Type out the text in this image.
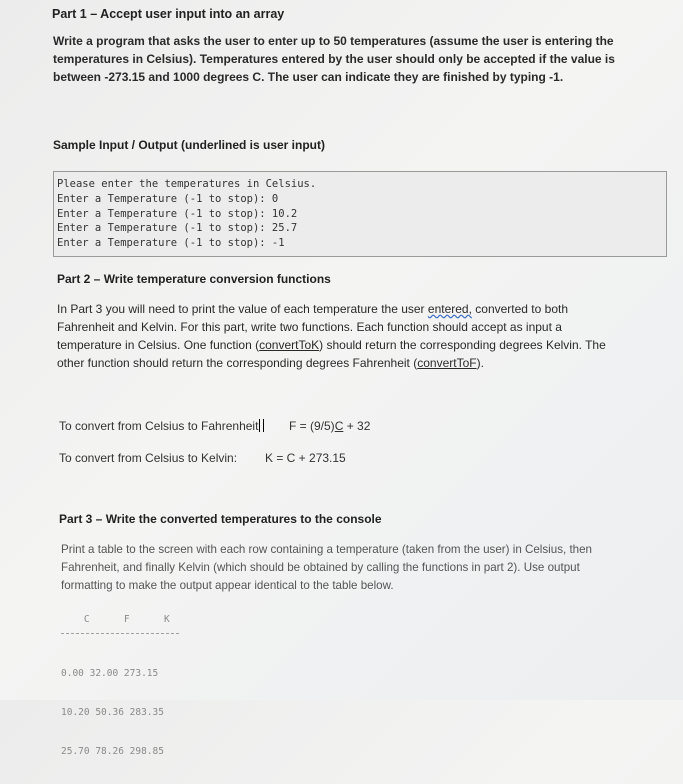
Part 1 – Accept user input into an array
Write a program that asks the user to enter up to 50 temperatures (assume the user is entering the
temperatures in Celsius). Temperatures entered by the user should only be accepted if the value is
between -273.15 and 1000 degrees C. The user can indicate they are finished by typing -1.
Sample Input / Output (underlined is user input)
Please enter the temperatures in Celsius.
Enter a Temperature (-1 to stop): 0
Enter a Temperature (-1 to stop): 10.2
Enter a Temperature (-1 to stop): 25.7
Enter a Temperature (-1 to stop): -1
Part 2 – Write temperature conversion functions
In Part 3 you will need to print the value of each temperature the user entered, converted to both
Fahrenheit and Kelvin. For this part, write two functions. Each function should accept as input a
temperature in Celsius. One function (convertToK) should return the corresponding degrees Kelvin. The
other function should return the corresponding degrees Fahrenheit (convertToF).
To convert from Celsius to Fahrenheit	F = (9/5)C + 32
To convert from Celsius to Kelvin: K = C + 273.15
Part 3 – Write the converted temperatures to the console
Print a table to the screen with each row containing a temperature (taken from the user) in Celsius, then
Fahrenheit, and finally Kelvin (which should be obtained by calling the functions in part 2). Use output
formatting to make the output appear identical to the table below.
C      F      K

0.00 32.00 273.15

10.20 50.36 283.35

25.70 78.26 298.85
